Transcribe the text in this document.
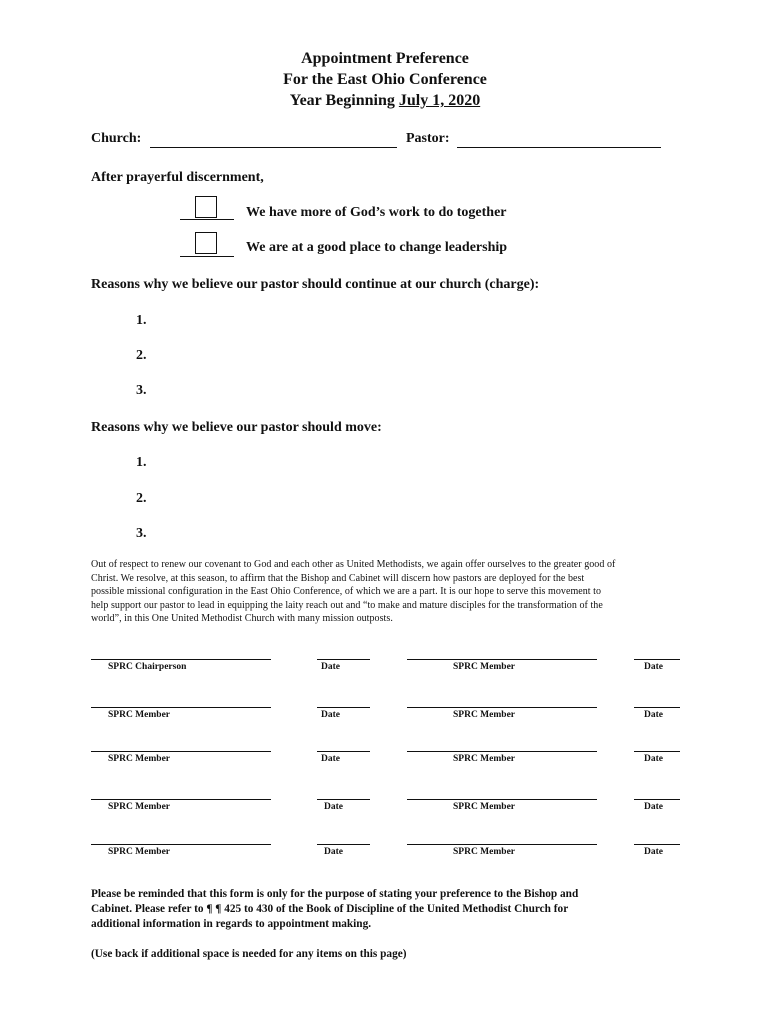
Appointment Preference
For the East Ohio Conference
Year Beginning July 1, 2020
Church:	Pastor:
After prayerful discernment,
We have more of God’s work to do together
We are at a good place to change leadership
Reasons why we believe our pastor should continue at our church (charge):
1.
2.
3.
Reasons why we believe our pastor should move:
1.
2.
3.
Out of respect to renew our covenant to God and each other as United Methodists, we again offer ourselves to the greater good of
Christ. We resolve, at this season, to affirm that the Bishop and Cabinet will discern how pastors are deployed for the best
possible missional configuration in the East Ohio Conference, of which we are a part. It is our hope to serve this movement to
help support our pastor to lead in equipping the laity reach out and “to make and mature disciples for the transformation of the
world”, in this One United Methodist Church with many mission outposts.
SPRC Chairperson	Date	SPRC Member	Date
SPRC Member	Date	SPRC Member	Date
SPRC Member	Date	SPRC Member	Date
SPRC Member	Date	SPRC Member	Date
SPRC Member	Date	SPRC Member	Date
Please be reminded that this form is only for the purpose of stating your preference to the Bishop and
Cabinet. Please refer to ¶ ¶ 425 to 430 of the Book of Discipline of the United Methodist Church for
additional information in regards to appointment making.
(Use back if additional space is needed for any items on this page)
